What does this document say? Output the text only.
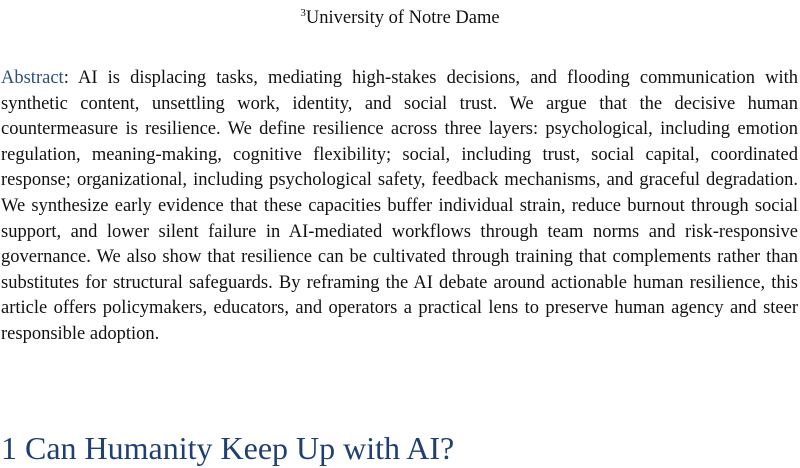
$^3$University of Notre Dame

Abstract: AI is displacing tasks, mediating high-stakes decisions, and flooding communication with synthetic content, unsettling work, identity, and social trust. We argue that the decisive human countermeasure is resilience. We define resilience across three layers: psychological, including emotion regulation, meaning-making, cognitive flexibility; social, including trust, social capital, coordinated response; organizational, including psychological safety, feedback mechanisms, and graceful degradation. We synthesize early evidence that these capacities buffer individual strain, reduce burnout through social support, and lower silent failure in AI-mediated workflows through team norms and risk-responsive governance. We also show that resilience can be cultivated through training that complements rather than substitutes for structural safeguards. By reframing the AI debate around actionable human resilience, this article offers policymakers, educators, and operators a practical lens to preserve human agency and steer responsible adoption.

1 Can Humanity Keep Up with AI?
